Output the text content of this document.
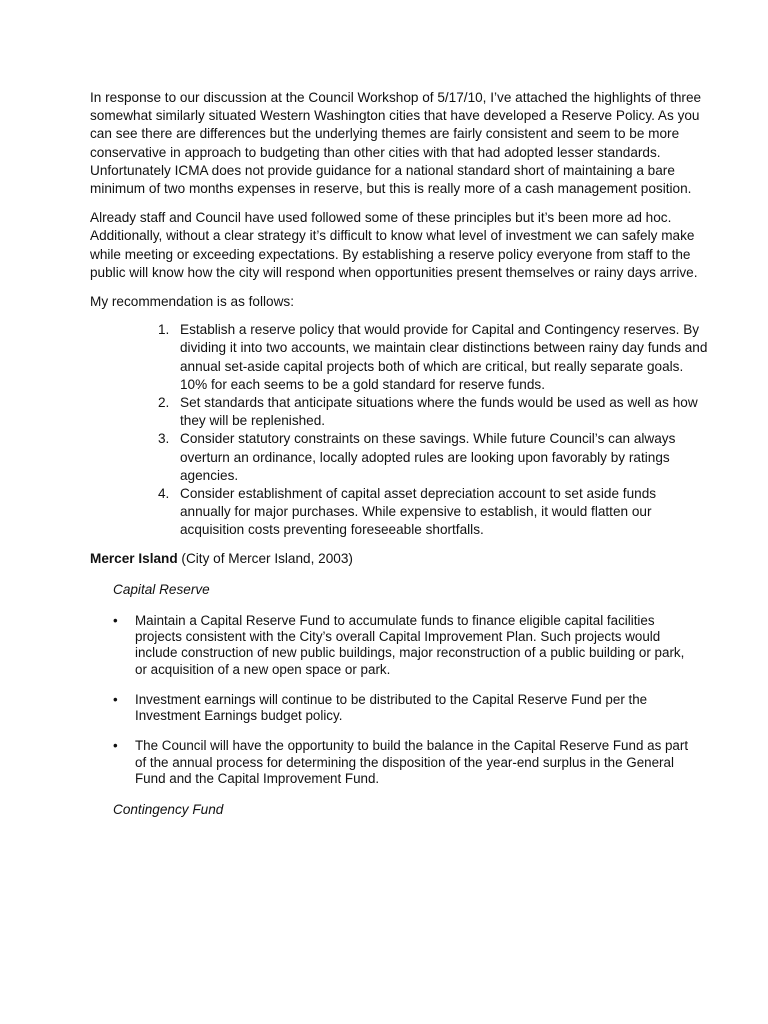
In response to our discussion at the Council Workshop of 5/17/10, I’ve attached the highlights of three somewhat similarly situated Western Washington cities that have developed a Reserve Policy. As you can see there are differences but the underlying themes are fairly consistent and seem to be more conservative in approach to budgeting than other cities with that had adopted lesser standards. Unfortunately ICMA does not provide guidance for a national standard short of maintaining a bare minimum of two months expenses in reserve, but this is really more of a cash management position.

Already staff and Council have used followed some of these principles but it’s been more ad hoc. Additionally, without a clear strategy it’s difficult to know what level of investment we can safely make while meeting or exceeding expectations. By establishing a reserve policy everyone from staff to the public will know how the city will respond when opportunities present themselves or rainy days arrive.

My recommendation is as follows:

1. Establish a reserve policy that would provide for Capital and Contingency reserves. By dividing it into two accounts, we maintain clear distinctions between rainy day funds and annual set-aside capital projects both of which are critical, but really separate goals. 10% for each seems to be a gold standard for reserve funds.
2. Set standards that anticipate situations where the funds would be used as well as how they will be replenished.
3. Consider statutory constraints on these savings. While future Council’s can always overturn an ordinance, locally adopted rules are looking upon favorably by ratings agencies.
4. Consider establishment of capital asset depreciation account to set aside funds annually for major purchases. While expensive to establish, it would flatten our acquisition costs preventing foreseeable shortfalls.

Mercer Island (City of Mercer Island, 2003)

Capital Reserve

• Maintain a Capital Reserve Fund to accumulate funds to finance eligible capital facilities projects consistent with the City’s overall Capital Improvement Plan. Such projects would include construction of new public buildings, major reconstruction of a public building or park, or acquisition of a new open space or park.
• Investment earnings will continue to be distributed to the Capital Reserve Fund per the Investment Earnings budget policy.
• The Council will have the opportunity to build the balance in the Capital Reserve Fund as part of the annual process for determining the disposition of the year-end surplus in the General Fund and the Capital Improvement Fund.

Contingency Fund
